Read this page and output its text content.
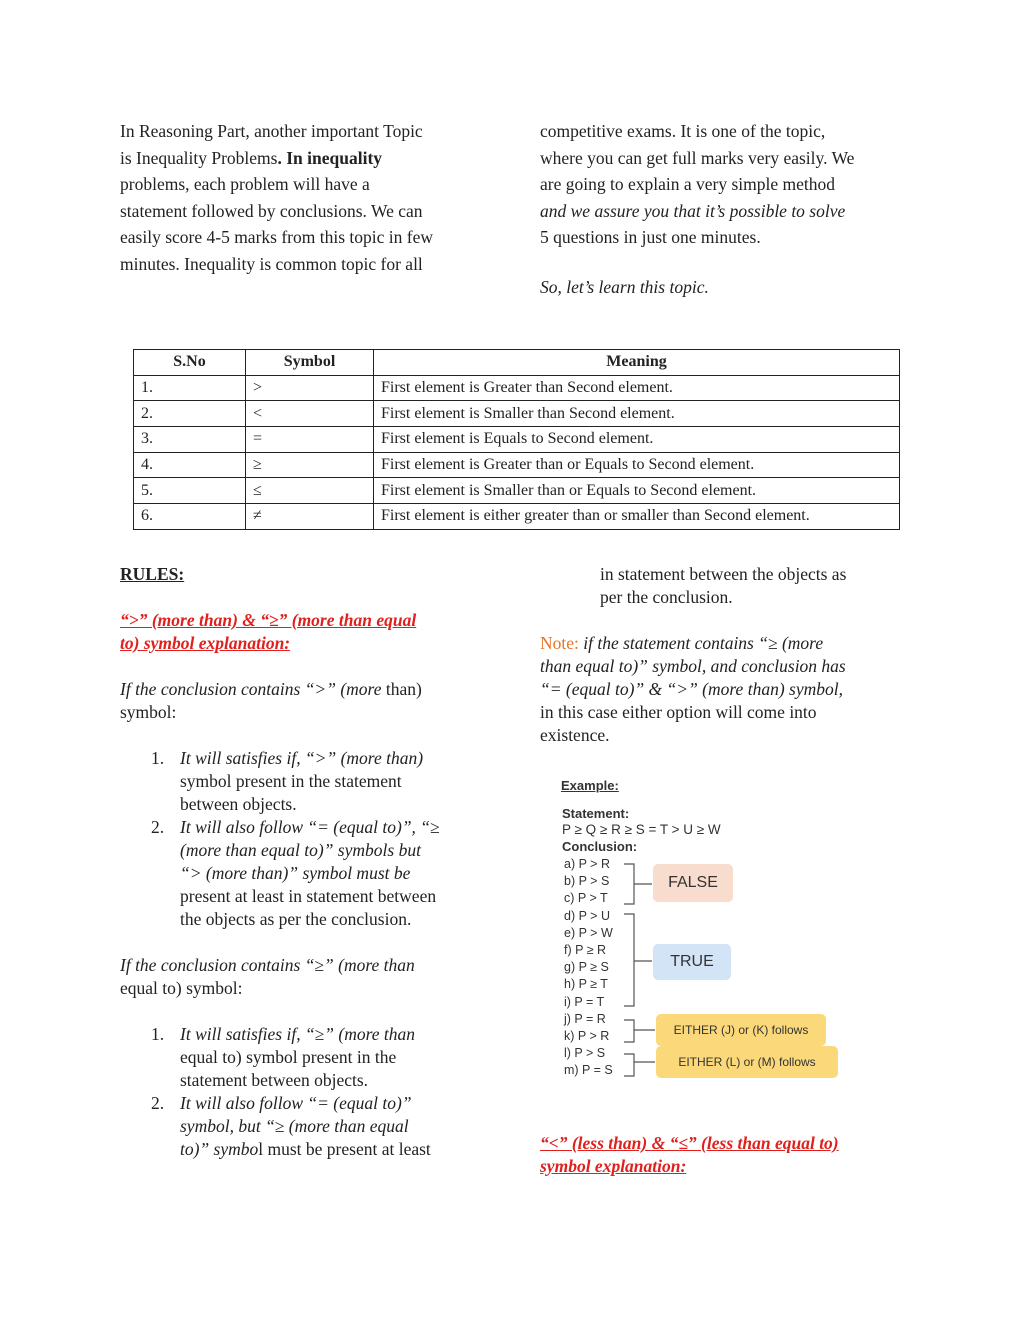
In Reasoning Part, another important Topic
is Inequality Problems. In inequality
problems, each problem will have a
statement followed by conclusions. We can
easily score 4-5 marks from this topic in few
minutes. Inequality is common topic for all
competitive exams. It is one of the topic,
where you can get full marks very easily. We
are going to explain a very simple method
and we assure you that it’s possible to solve
5 questions in just one minutes.
So, let’s learn this topic.
S.No	Symbol	Meaning
1.	>	First element is Greater than Second element.
2.	<	First element is Smaller than Second element.
3.	=	First element is Equals to Second element.
4.	≥	First element is Greater than or Equals to Second element.
5.	≤	First element is Smaller than or Equals to Second element.
6.	≠	First element is either greater than or smaller than Second element.
RULES:
“>” (more than) & “≥” (more than equal
to) symbol explanation:
If the conclusion contains “>” (more than)
symbol:
1. It will satisfies if, “>” (more than)
symbol present in the statement
between objects.
2. It will also follow “= (equal to)”, “≥
(more than equal to)” symbols but
“> (more than)” symbol must be
present at least in statement between
the objects as per the conclusion.
If the conclusion contains “≥” (more than
equal to) symbol:
1. It will satisfies if, “≥” (more than
equal to) symbol present in the
statement between objects.
2. It will also follow “= (equal to)”
symbol, but “≥ (more than equal
to)” symbol must be present at least
in statement between the objects as
per the conclusion.
Note: if the statement contains “≥ (more
than equal to)” symbol, and conclusion has
“= (equal to)” & “>” (more than) symbol,
in this case either option will come into
existence.
Example:
Statement:
P ≥ Q ≥ R ≥ S = T > U ≥ W
Conclusion:
a) P > R
b) P > S
c) P > T
d) P > U
e) P > W
f) P ≥ R
g) P ≥ S
h) P ≥ T
i) P = T
j) P = R
k) P > R
l) P > S
m) P = S
FALSE
TRUE
EITHER (J) or (K) follows
EITHER (L) or (M) follows
“<” (less than) & “≤” (less than equal to)
symbol explanation:
